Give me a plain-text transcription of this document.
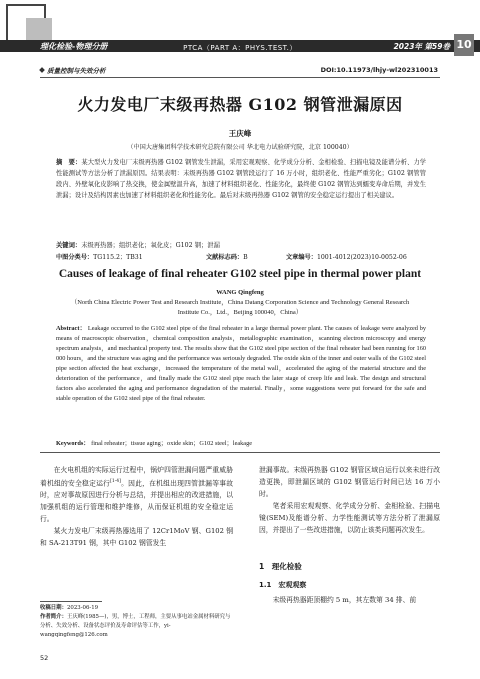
理化检验-物理分册	PTCA（PART A：PHYS.TEST.）	2023年 第59卷 10
质量控制与失效分析	DOI:10.11973/lhjy-wl202310013
火力发电厂末级再热器 G102 钢管泄漏原因
王庆峰
（中国大唐集团科学技术研究总院有限公司 华北电力试验研究院，北京 100040）
摘　要：某大型火力发电厂末级再热器 G102 钢管发生泄漏，采用宏观观察、化学成分分析、金相检验、扫描电镜及能谱分析、力学性能测试等方法分析了泄漏原因。结果表明：末级再热器 G102 钢管段运行了 16 万小时，组织老化、性能严重劣化；G102 钢管管段内、外壁氧化皮影响了热交换，使金属壁温升高，加速了材料组织老化、性能劣化，最终使 G102 钢管达到蠕变寿命后期，并发生泄漏；设计及结构因素也加速了材料组织老化和性能劣化。最后对末级再热器 G102 钢管的安全稳定运行提出了相关建议。
关键词：末级再热器；组织老化；氧化皮；G102 钢；泄漏
中图分类号：TG115.2；TB31	文献标志码：B	文章编号：1001-4012(2023)10-0052-06
Causes of leakage of final reheater G102 steel pipe in thermal power plant
WANG Qingfeng
（North China Electric Power Test and Research Institute，China Datang Corporation Science and Technology General Research Institute Co.，Ltd.，Beijing 100040，China）
Abstract： Leakage occurred to the G102 steel pipe of the final reheater in a large thermal power plant. The causes of leakage were analyzed by means of macroscopic observation，chemical composition analysis，metallographic examination，scanning electron microscopy and energy spectrum analysis，and mechanical property test. The results show that the G102 steel pipe section of the final reheater had been running for 160 000 hours，and the structure was aging and the performance was seriously degraded. The oxide skin of the inner and outer walls of the G102 steel pipe section affected the heat exchange，increased the temperature of the metal wall，accelerated the aging of the material structure and the deterioration of the performance，and finally made the G102 steel pipe reach the later stage of creep life and leak. The design and structural factors also accelerated the aging and performance degradation of the material. Finally，some suggestions were put forward for the safe and stable operation of the G102 steel pipe of the final reheater.
Keywords： final reheater；tissue aging；oxide skin；G102 steel；leakage

在火电机组的实际运行过程中，锅炉四管泄漏问题严重威胁着机组的安全稳定运行[1-4]。因此，在机组出现四管泄漏等事故时，应对事故原因进行分析与总结，并提出相应的改进措施，以加强机组的运行管理和维护维修，从而保证机组的安全稳定运行。

某火力发电厂末级再热器选用了 12Cr1MoV 钢、G102 钢和 SA-213T91 钢，其中 G102 钢管发生

收稿日期：2023-06-19
作者简介：王庆峰(1985—)，男，博士，工程师，主要从事电站金属材料研究与分析、失效分析、设备状态评价及寿命评估等工作，yi-wangqingfeng@126.com

泄漏事故。末级再热器 G102 钢管区域自运行以来未进行改造更换，即泄漏区域的 G102 钢管运行时间已达 16 万小时。

笔者采用宏观观察、化学成分分析、金相检验、扫描电镜(SEM)及能谱分析、力学性能测试等方法分析了泄漏原因，并提出了一些改进措施，以防止该类问题再次发生。

1　理化检验
1.1　宏观观察
末级再热器距顶棚约 5 m，其左数第 34 排、前
52
